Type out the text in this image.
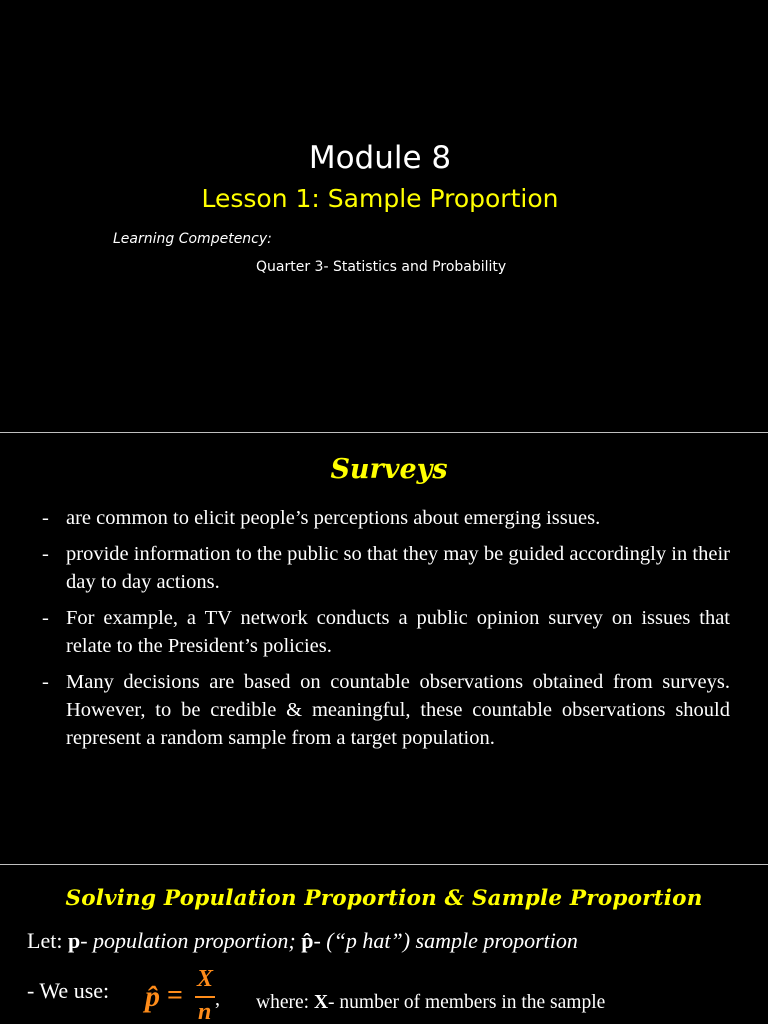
Module 8
Lesson 1: Sample Proportion
Learning Competency:
Quarter 3- Statistics and Probability
Surveys
- are common to elicit people’s perceptions about emerging issues.
- provide information to the public so that they may be guided accordingly in their day to day actions.
- For example, a TV network conducts a public opinion survey on issues that relate to the President’s policies.
- Many decisions are based on countable observations obtained from surveys. However, to be credible & meaningful, these countable observations should represent a random sample from a target population.
Solving Population Proportion & Sample Proportion
Let: p- population proportion; p̂- (“p hat”) sample proportion
- We use: p̂ =
X
n , where: X- number of members in the sample
